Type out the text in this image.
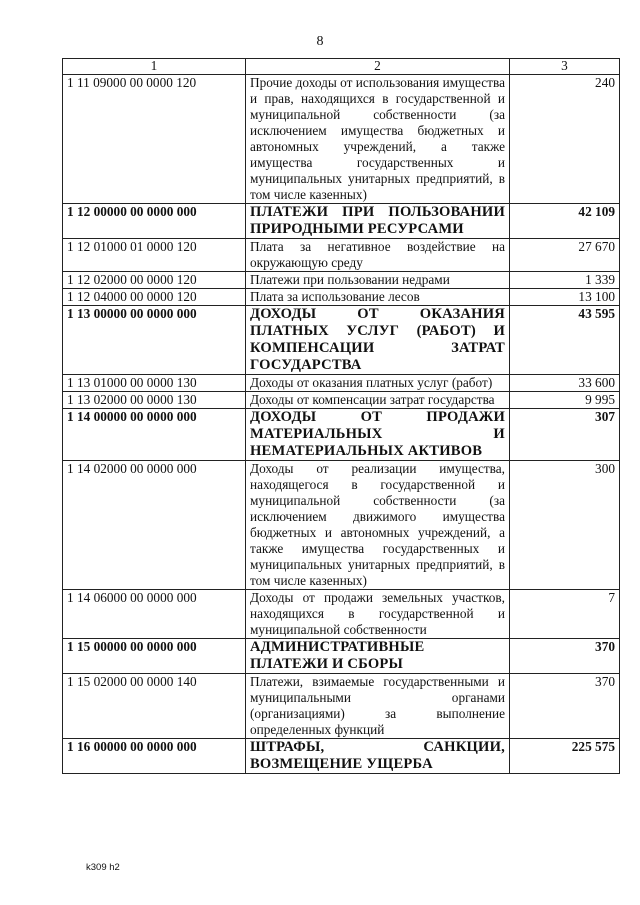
8
1	2	3
1 11 09000 00 0000 120	Прочие доходы от использования имущества и прав, находящихся в государственной и муниципальной собственности (за исключением имущества бюджетных и автономных учреждений, а также имущества государственных и муниципальных унитарных предприятий, в том числе казенных)	240
1 12 00000 00 0000 000	ПЛАТЕЖИ ПРИ ПОЛЬЗОВАНИИ ПРИРОДНЫМИ РЕСУРСАМИ	42 109
1 12 01000 01 0000 120	Плата за негативное воздействие на окружающую среду	27 670
1 12 02000 00 0000 120	Платежи при пользовании недрами	1 339
1 12 04000 00 0000 120	Плата за использование лесов	13 100
1 13 00000 00 0000 000	ДОХОДЫ ОТ ОКАЗАНИЯ ПЛАТНЫХ УСЛУГ (РАБОТ) И КОМПЕНСАЦИИ ЗАТРАТ ГОСУДАРСТВА	43 595
1 13 01000 00 0000 130	Доходы от оказания платных услуг (работ)	33 600
1 13 02000 00 0000 130	Доходы от компенсации затрат государства	9 995
1 14 00000 00 0000 000	ДОХОДЫ ОТ ПРОДАЖИ МАТЕРИАЛЬНЫХ И НЕМАТЕРИАЛЬНЫХ АКТИВОВ	307
1 14 02000 00 0000 000	Доходы от реализации имущества, находящегося в государственной и муниципальной собственности (за исключением движимого имущества бюджетных и автономных учреждений, а также имущества государственных и муниципальных унитарных предприятий, в том числе казенных)	300
1 14 06000 00 0000 000	Доходы от продажи земельных участков, находящихся в государственной и муниципальной собственности	7
1 15 00000 00 0000 000	АДМИНИСТРАТИВНЫЕ ПЛАТЕЖИ И СБОРЫ	370
1 15 02000 00 0000 140	Платежи, взимаемые государственными и муниципальными органами (организациями) за выполнение определенных функций	370
1 16 00000 00 0000 000	ШТРАФЫ, САНКЦИИ, ВОЗМЕЩЕНИЕ УЩЕРБА	225 575
k309 h2
